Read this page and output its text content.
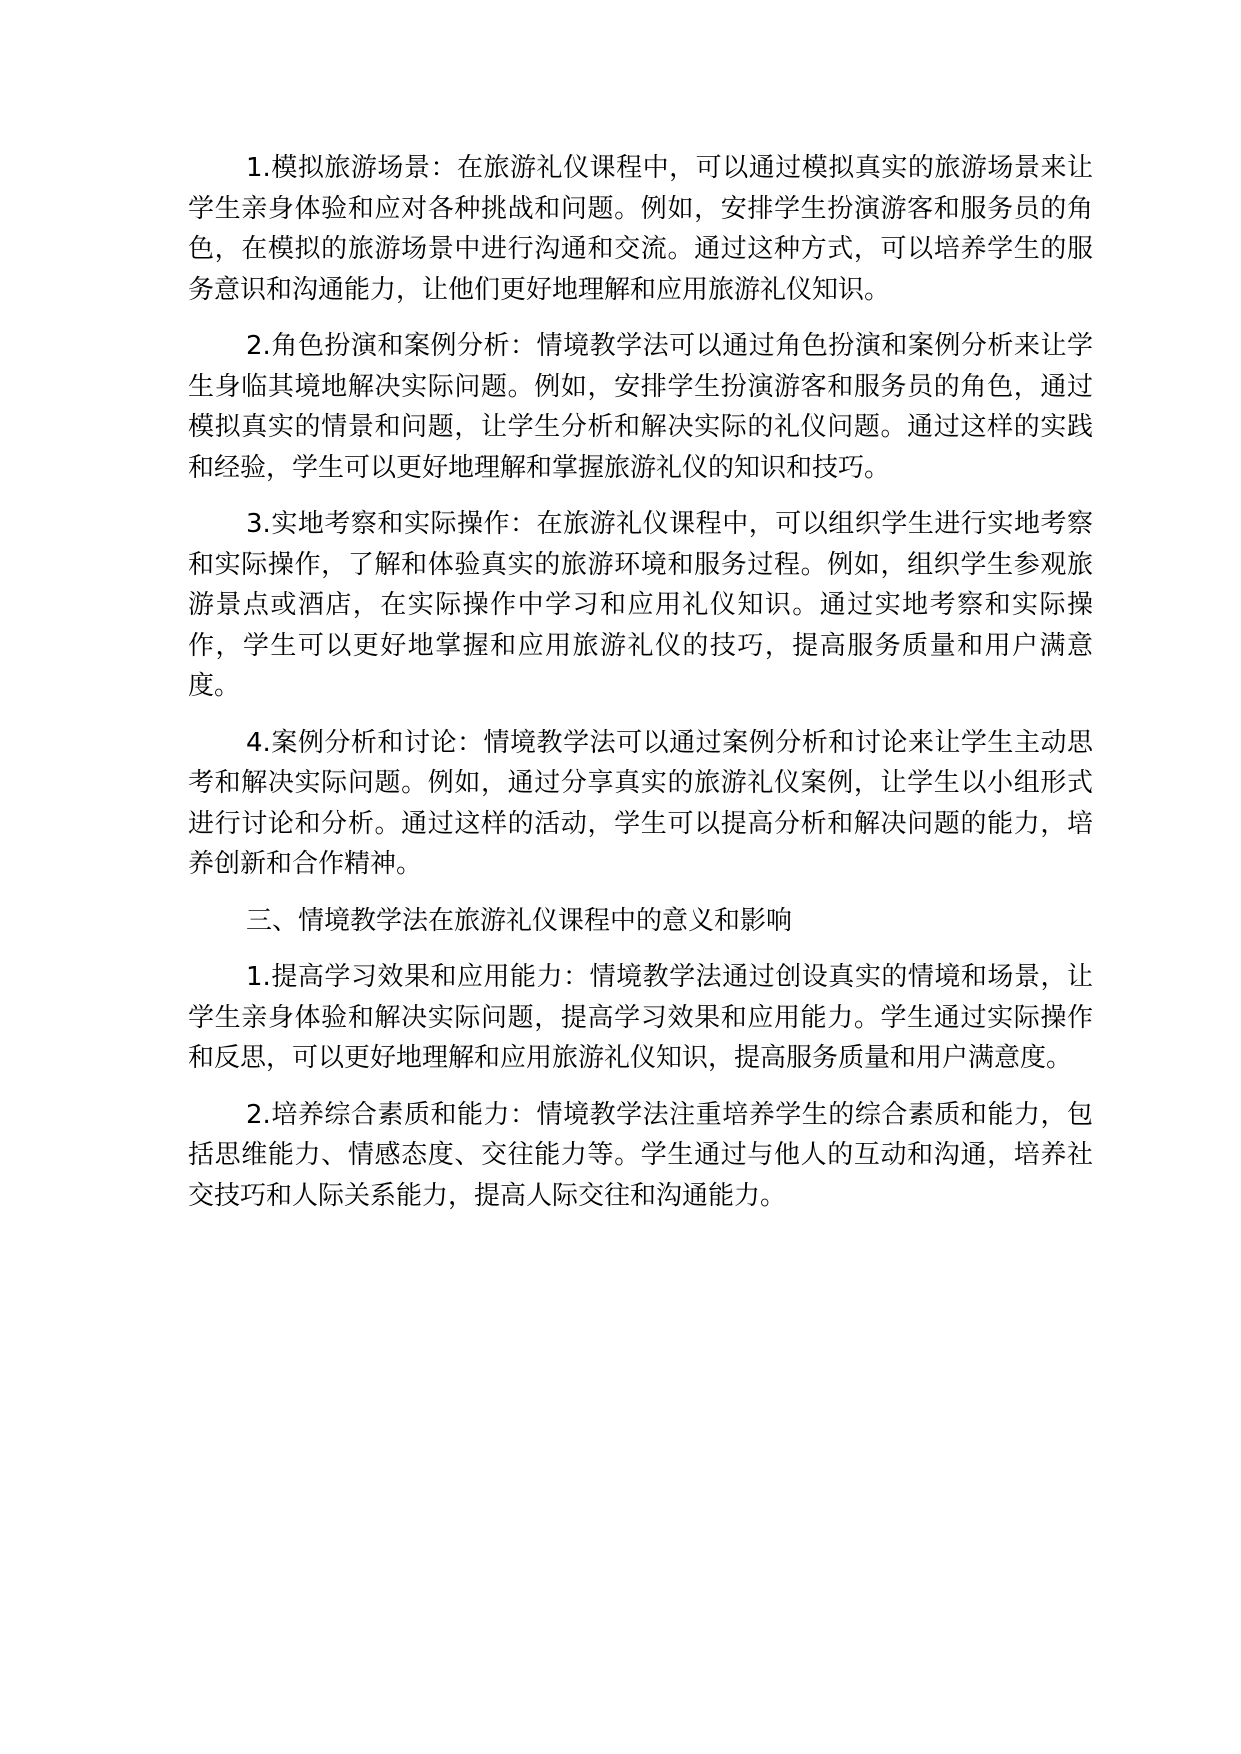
1.模拟旅游场景：在旅游礼仪课程中，可以通过模拟真实的旅游场景来让学生亲身体验和应对各种挑战和问题。例如，安排学生扮演游客和服务员的角色，在模拟的旅游场景中进行沟通和交流。通过这种方式，可以培养学生的服务意识和沟通能力，让他们更好地理解和应用旅游礼仪知识。

2.角色扮演和案例分析：情境教学法可以通过角色扮演和案例分析来让学生身临其境地解决实际问题。例如，安排学生扮演游客和服务员的角色，通过模拟真实的情景和问题，让学生分析和解决实际的礼仪问题。通过这样的实践和经验，学生可以更好地理解和掌握旅游礼仪的知识和技巧。

3.实地考察和实际操作：在旅游礼仪课程中，可以组织学生进行实地考察和实际操作，了解和体验真实的旅游环境和服务过程。例如，组织学生参观旅游景点或酒店，在实际操作中学习和应用礼仪知识。通过实地考察和实际操作，学生可以更好地掌握和应用旅游礼仪的技巧，提高服务质量和用户满意度。

4.案例分析和讨论：情境教学法可以通过案例分析和讨论来让学生主动思考和解决实际问题。例如，通过分享真实的旅游礼仪案例，让学生以小组形式进行讨论和分析。通过这样的活动，学生可以提高分析和解决问题的能力，培养创新和合作精神。

三、情境教学法在旅游礼仪课程中的意义和影响

1.提高学习效果和应用能力：情境教学法通过创设真实的情境和场景，让学生亲身体验和解决实际问题，提高学习效果和应用能力。学生通过实际操作和反思，可以更好地理解和应用旅游礼仪知识，提高服务质量和用户满意度。

2.培养综合素质和能力：情境教学法注重培养学生的综合素质和能力，包括思维能力、情感态度、交往能力等。学生通过与他人的互动和沟通，培养社交技巧和人际关系能力，提高人际交往和沟通能力。
